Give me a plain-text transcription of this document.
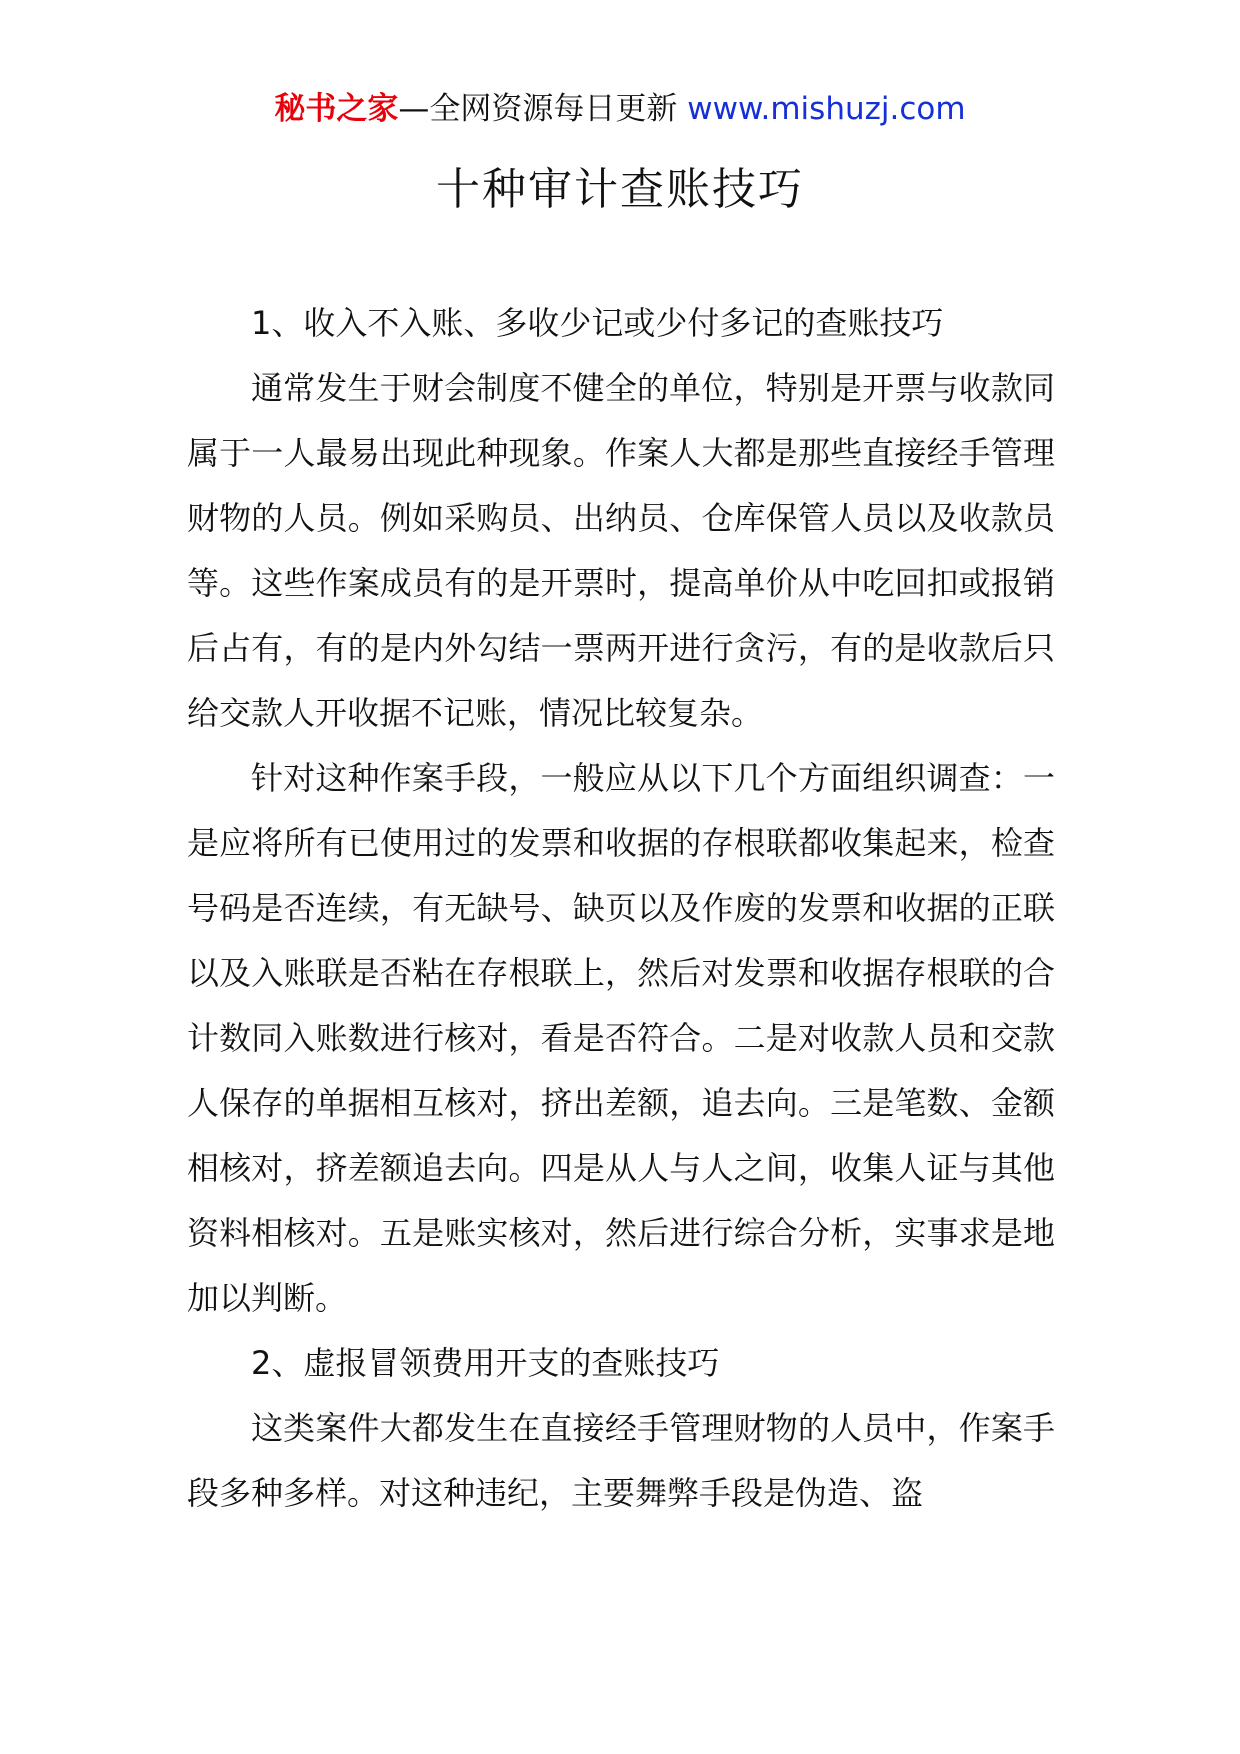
秘书之家—全网资源每日更新 www.mishuzj.com
十种审计查账技巧

1、收入不入账、多收少记或少付多记的查账技巧

通常发生于财会制度不健全的单位，特别是开票与收款同属于一人最易出现此种现象。作案人大都是那些直接经手管理财物的人员。例如采购员、出纳员、仓库保管人员以及收款员等。这些作案成员有的是开票时，提高单价从中吃回扣或报销后占有，有的是内外勾结一票两开进行贪污，有的是收款后只给交款人开收据不记账，情况比较复杂。

针对这种作案手段，一般应从以下几个方面组织调查：一是应将所有已使用过的发票和收据的存根联都收集起来，检查号码是否连续，有无缺号、缺页以及作废的发票和收据的正联以及入账联是否粘在存根联上，然后对发票和收据存根联的合计数同入账数进行核对，看是否符合。二是对收款人员和交款人保存的单据相互核对，挤出差额，追去向。三是笔数、金额相核对，挤差额追去向。四是从人与人之间，收集人证与其他资料相核对。五是账实核对，然后进行综合分析，实事求是地加以判断。

2、虚报冒领费用开支的查账技巧

这类案件大都发生在直接经手管理财物的人员中，作案手段多种多样。对这种违纪，主要舞弊手段是伪造、盗
